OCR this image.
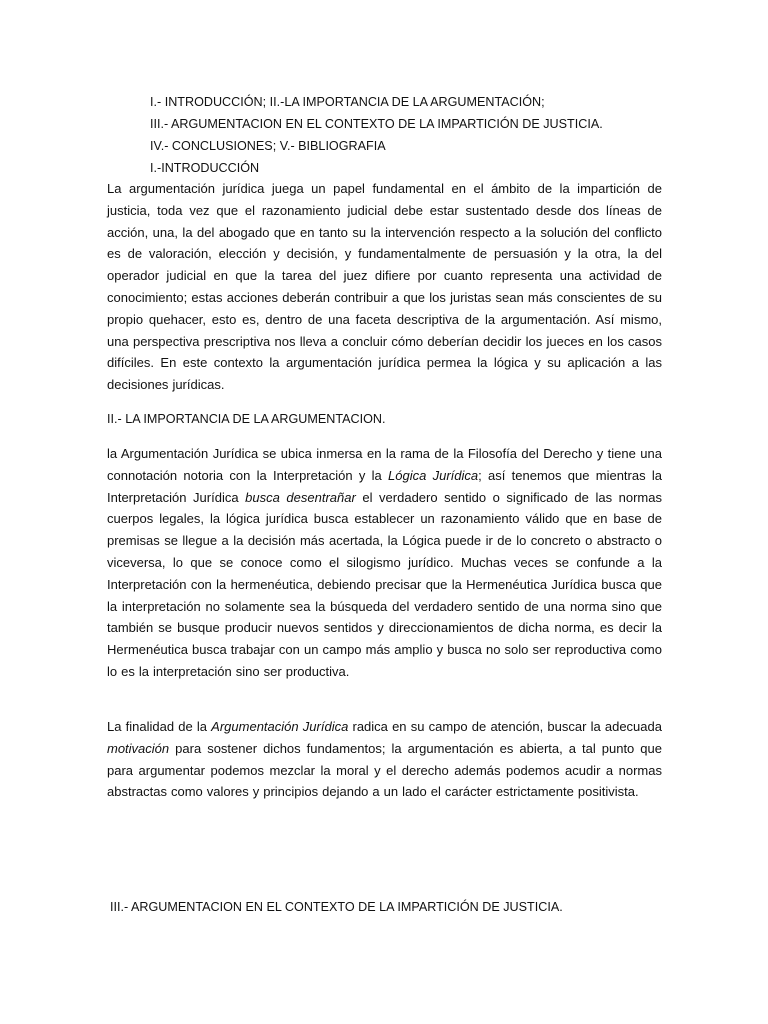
I.- INTRODUCCIÓN; II.-LA IMPORTANCIA DE LA ARGUMENTACIÓN;
III.- ARGUMENTACION EN EL CONTEXTO DE LA IMPARTICIÓN DE JUSTICIA.
IV.- CONCLUSIONES; V.- BIBLIOGRAFIA
I.-INTRODUCCIÓN
La argumentación jurídica juega un papel fundamental en el ámbito de la impartición de justicia, toda vez que el razonamiento judicial debe estar sustentado desde dos líneas de acción, una, la del abogado que en tanto su la intervención respecto a la solución del conflicto es de valoración, elección y decisión, y fundamentalmente de persuasión y la otra, la del operador judicial en que la tarea del juez difiere por cuanto representa una actividad de conocimiento; estas acciones deberán contribuir a que los juristas sean más conscientes de su propio quehacer, esto es, dentro de una faceta descriptiva de la argumentación. Así mismo, una perspectiva prescriptiva nos lleva a concluir cómo deberían decidir los jueces en los casos difíciles. En este contexto la argumentación jurídica permea la lógica y su aplicación a las decisiones jurídicas.
II.- LA IMPORTANCIA DE LA ARGUMENTACION.
la Argumentación Jurídica se ubica inmersa en la rama de la Filosofía del Derecho y tiene una connotación notoria con la Interpretación y la Lógica Jurídica; así tenemos que mientras la Interpretación Jurídica busca desentrañar el verdadero sentido o significado de las normas cuerpos legales, la lógica jurídica busca establecer un razonamiento válido que en base de premisas se llegue a la decisión más acertada, la Lógica puede ir de lo concreto o abstracto o viceversa, lo que se conoce como el silogismo jurídico. Muchas veces se confunde a la Interpretación con la hermenéutica, debiendo precisar que la Hermenéutica Jurídica busca que la interpretación no solamente sea la búsqueda del verdadero sentido de una norma sino que también se busque producir nuevos sentidos y direccionamientos de dicha norma, es decir la Hermenéutica busca trabajar con un campo más amplio y busca no solo ser reproductiva como lo es la interpretación sino ser productiva.
La finalidad de la Argumentación Jurídica radica en su campo de atención, buscar la adecuada motivación para sostener dichos fundamentos; la argumentación es abierta, a tal punto que para argumentar podemos mezclar la moral y el derecho además podemos acudir a normas abstractas como valores y principios dejando a un lado el carácter estrictamente positivista.
III.- ARGUMENTACION EN EL CONTEXTO DE LA IMPARTICIÓN DE JUSTICIA.
